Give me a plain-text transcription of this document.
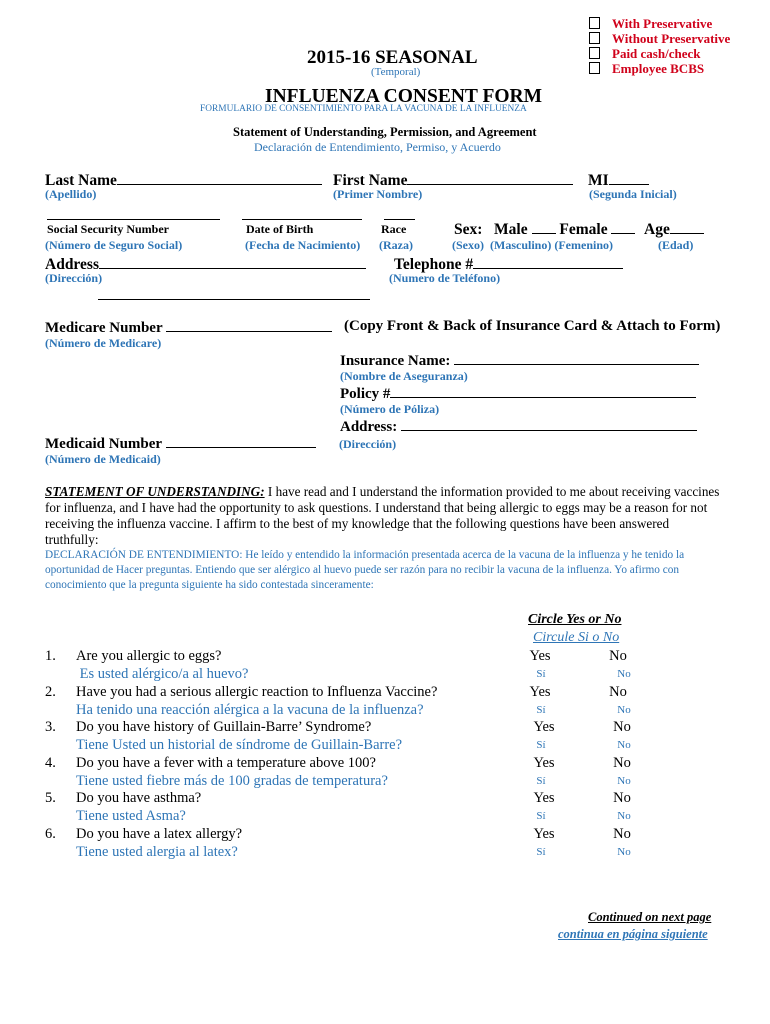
With Preservative
Without Preservative
Paid cash/check
Employee BCBS
2015-16 SEASONAL
(Temporal)
INFLUENZA CONSENT FORM
FORMULARIO DE CONSENTIMIENTO PARA LA VACUNA DE LA INFLUENZA
Statement of Understanding, Permission, and Agreement
Declaración de Entendimiento, Permiso, y Acuerdo
Last Name
(Apellido)
First Name
(Primer Nombre)
MI
(Segunda Inicial)
Social Security Number
(Número de Seguro Social)
Date of Birth
(Fecha de Nacimiento)
Race
(Raza)
Sex: Male Female	Age
(Sexo) (Masculino) (Femenino)	(Edad)
Address
(Dirección)
Telephone #
(Numero de Teléfono)
Medicare Number
(Número de Medicare)
(Copy Front & Back of Insurance Card & Attach to Form)
Insurance Name:
(Nombre de Aseguranza)
Policy #
(Número de Póliza)
Address:
Medicaid Number	(Dirección)
(Número de Medicaid)

STATEMENT OF UNDERSTANDING: I have read and I understand the information provided to me about receiving vaccines for influenza, and I have had the opportunity to ask questions. I understand that being allergic to eggs may be a reason for not receiving the influenza vaccine. I affirm to the best of my knowledge that the following questions have been answered truthfully:

DECLARACIÓN DE ENTENDIMIENTO: He leído y entendido la información presentada acerca de la vacuna de la influenza y he tenido la oportunidad de Hacer preguntas. Entiendo que ser alérgico al huevo puede ser razón para no recibir la vacuna de la influenza. Yo afirmo con conocimiento que la pregunta siguiente ha sido contestada sinceramente:

Circle Yes or No
Circule Si o No
1. Are you allergic to eggs?
Es usted alérgico/a al huevo?
Yes	No
Sí	No
2. Have you had a serious allergic reaction to Influenza Vaccine?
Ha tenido una reacción alérgica a la vacuna de la influenza?
Yes	No
Sí	No
3. Do you have history of Guillain-Barre’ Syndrome?
Tiene Usted un historial de síndrome de Guillain-Barre?
Yes	No
Sí	No
4. Do you have a fever with a temperature above 100?
Tiene usted fiebre más de 100 gradas de temperatura?
Yes	No
Sí	No
5. Do you have asthma?
Tiene usted Asma?
Yes	No
Sí	No
6. Do you have a latex allergy?
Tiene usted alergia al latex?
Yes	No
Sí	No
Continued on next page
continua en página siguiente
